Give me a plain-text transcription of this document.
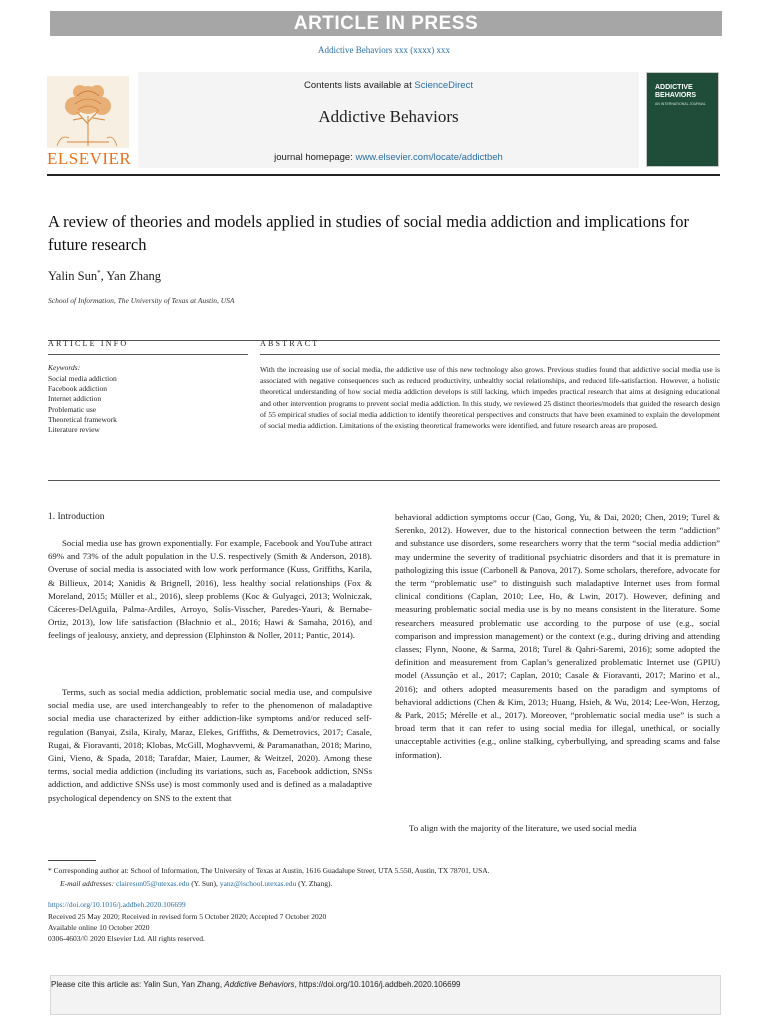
ARTICLE IN PRESS
Addictive Behaviors xxx (xxxx) xxx
ELSEVIER
Contents lists available at ScienceDirect
Addictive Behaviors
journal homepage: www.elsevier.com/locate/addictbeh
ADDICTIVE BEHAVIORS
AN INTERNATIONAL JOURNAL
A review of theories and models applied in studies of social media addiction and implications for future research
Yalin Sun*, Yan Zhang
School of Information, The University of Texas at Austin, USA
ARTICLE INFO	ABSTRACT
Keywords:
Social media addiction
Facebook addiction
Internet addiction
Problematic use
Theoretical framework
Literature review
With the increasing use of social media, the addictive use of this new technology also grows. Previous studies found that addictive social media use is associated with negative consequences such as reduced productivity, unhealthy social relationships, and reduced life-satisfaction. However, a holistic theoretical understanding of how social media addiction develops is still lacking, which impedes practical research that aims at designing educational and other intervention programs to prevent social media addiction. In this study, we reviewed 25 distinct theories/models that guided the research design of 55 empirical studies of social media addiction to identify theoretical perspectives and constructs that have been examined to explain the development of social media addiction. Limitations of the existing theoretical frameworks were identified, and future research areas are proposed.
1. Introduction
Social media use has grown exponentially. For example, Facebook and YouTube attract 69% and 73% of the adult population in the U.S. respectively (Smith & Anderson, 2018). Overuse of social media is associated with low work performance (Kuss, Griffiths, Karila, & Billieux, 2014; Xanidis & Brignell, 2016), less healthy social relationships (Fox & Moreland, 2015; Müller et al., 2016), sleep problems (Koc & Gulyagci, 2013; Wolniczak, Cáceres-DelAguila, Palma-Ardiles, Arroyo, Solís-Visscher, Paredes-Yauri, & Bernabe-Ortiz, 2013), low life satisfaction (Błachnio et al., 2016; Hawi & Samaha, 2016), and feelings of jealousy, anxiety, and depression (Elphinston & Noller, 2011; Pantic, 2014).
Terms, such as social media addiction, problematic social media use, and compulsive social media use, are used interchangeably to refer to the phenomenon of maladaptive social media use characterized by either addiction-like symptoms and/or reduced self-regulation (Banyai, Zsila, Kiraly, Maraz, Elekes, Griffiths, & Demetrovics, 2017; Casale, Rugai, & Fioravanti, 2018; Klobas, McGill, Moghavvemi, & Paramanathan, 2018; Marino, Gini, Vieno, & Spada, 2018; Tarafdar, Maier, Laumer, & Weitzel, 2020). Among these terms, social media addiction (including its variations, such as, Facebook addiction, SNSs addiction, and addictive SNSs use) is most commonly used and is defined as a maladaptive psychological dependency on SNS to the extent that
behavioral addiction symptoms occur (Cao, Gong, Yu, & Dai, 2020; Chen, 2019; Turel & Serenko, 2012). However, due to the historical connection between the term “addiction” and substance use disorders, some researchers worry that the term “social media addiction” may undermine the severity of traditional psychiatric disorders and that it is premature in pathologizing this issue (Carbonell & Panova, 2017). Some scholars, therefore, advocate for the term “problematic use” to distinguish such maladaptive Internet uses from formal clinical conditions (Caplan, 2010; Lee, Ho, & Lwin, 2017). However, defining and measuring problematic social media use is by no means consistent in the literature. Some researchers measured problematic use according to the purpose of use (e.g., social comparison and impression management) or the context (e.g., during driving and attending classes; Flynn, Noone, & Sarma, 2018; Turel & Qahri-Saremi, 2016); some adopted the definition and measurement from Caplan’s generalized problematic Internet use (GPIU) model (Assunção et al., 2017; Caplan, 2010; Casale & Fioravanti, 2017; Marino et al., 2016); and others adopted measurements based on the paradigm and symptoms of behavioral addictions (Chen & Kim, 2013; Huang, Hsieh, & Wu, 2014; Lee-Won, Herzog, & Park, 2015; Mérelle et al., 2017). Moreover, “problematic social media use” is such a broad term that it can refer to using social media for illegal, unethical, or socially unacceptable activities (e.g., online stalking, cyberbullying, and spreading scams and false information).
To align with the majority of the literature, we used social media
* Corresponding author at: School of Information, The University of Texas at Austin, 1616 Guadalupe Street, UTA 5.550, Austin, TX 78701, USA.
E-mail addresses: clairesun05@utexas.edu (Y. Sun), yanz@ischool.utexas.edu (Y. Zhang).
https://doi.org/10.1016/j.addbeh.2020.106699
Received 25 May 2020; Received in revised form 5 October 2020; Accepted 7 October 2020
Available online 10 October 2020
0306-4603/© 2020 Elsevier Ltd. All rights reserved.
Please cite this article as: Yalin Sun, Yan Zhang, Addictive Behaviors, https://doi.org/10.1016/j.addbeh.2020.106699
